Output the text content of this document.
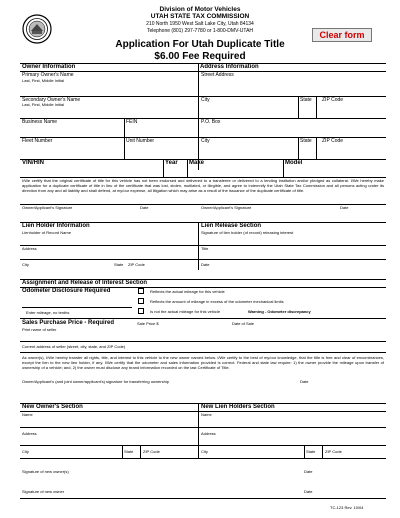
Division of Motor Vehicles
UTAH STATE TAX COMMISSION
210 North 1950 West Salt Lake City, Utah 84134
Telephone (801) 297-7780 or 1-800-DMV-UTAH
Application For Utah Duplicate Title
$6.00 Fee Required
Clear form
Owner Information	Address Information
Primary Owner's Name
Last, First, Middle Initial
Street Address
Secondary Owner's Name
Last, First, Middle Initial
City	State ZIP Code
Business Name	FEIN	P.O. Box
Fleet Number	Unit Number	City	State ZIP Code
VIN/HIN	Year Make	Model
I/We certify that the original certificate of title for this vehicle has not been endorsed and delivered to a transferee or delivered to a lending institution and/or pledged as collateral. I/We hereby make application for a duplicate certificate of title in lieu of the certificate that was lost, stolen, mutilated, or illegible, and agree to indemnify the Utah State Tax Commission and all persons acting under its direction from any and all liability and shall defend, at my/our expense, all litigation which may arise as a result of the issuance of the duplicate certificate of title.
Owner/Applicant's Signature	Date	Owner/Applicant's Signature	Date
Lien Holder Information	Lien Release Section
Lienholder of Record Name	Signature of lien holder (of record) releasing interest
Address	Title
City	State ZIP Code	Date
Assignment and Release of Interest Section
Odometer Disclosure Required
Enter mileage, no tenths
Reflects the actual mileage for this vehicle
Reflects the amount of mileage in excess of the odometer mechanical limits
Is not the actual mileage for this vehicle	Warning - Odometer discrepancy
Sales Purchase Price - Required	Sale Price $	Date of Sale
Print name of seller
Current address of seller (street, city, state, and ZIP Code)
As owner(s), I/We hereby transfer all rights, title, and interest to this vehicle to the new owner named below. I/We certify to the best of my/our knowledge, that the title is free and clear of encumbrances, except the lien to the new lien holder, if any. I/We certify that the odometer and sales information provided is correct. Federal and state law require: 1) the owner provide the mileage upon transfer of ownership of a vehicle; and, 2) the owner must disclose any brand information recorded on the last Certificate of Title.
Owner/Applicant's (and joint owner/applicant's) signature for transferring ownership	Date
New Owner's Section	New Lien Holders Section
Name	Name
Address	Address
City	State ZIP Code	City	State ZIP Code
Signature of new owner(s)	Date
Signature of new owner	Date
TC-123 Rev. 10/04
